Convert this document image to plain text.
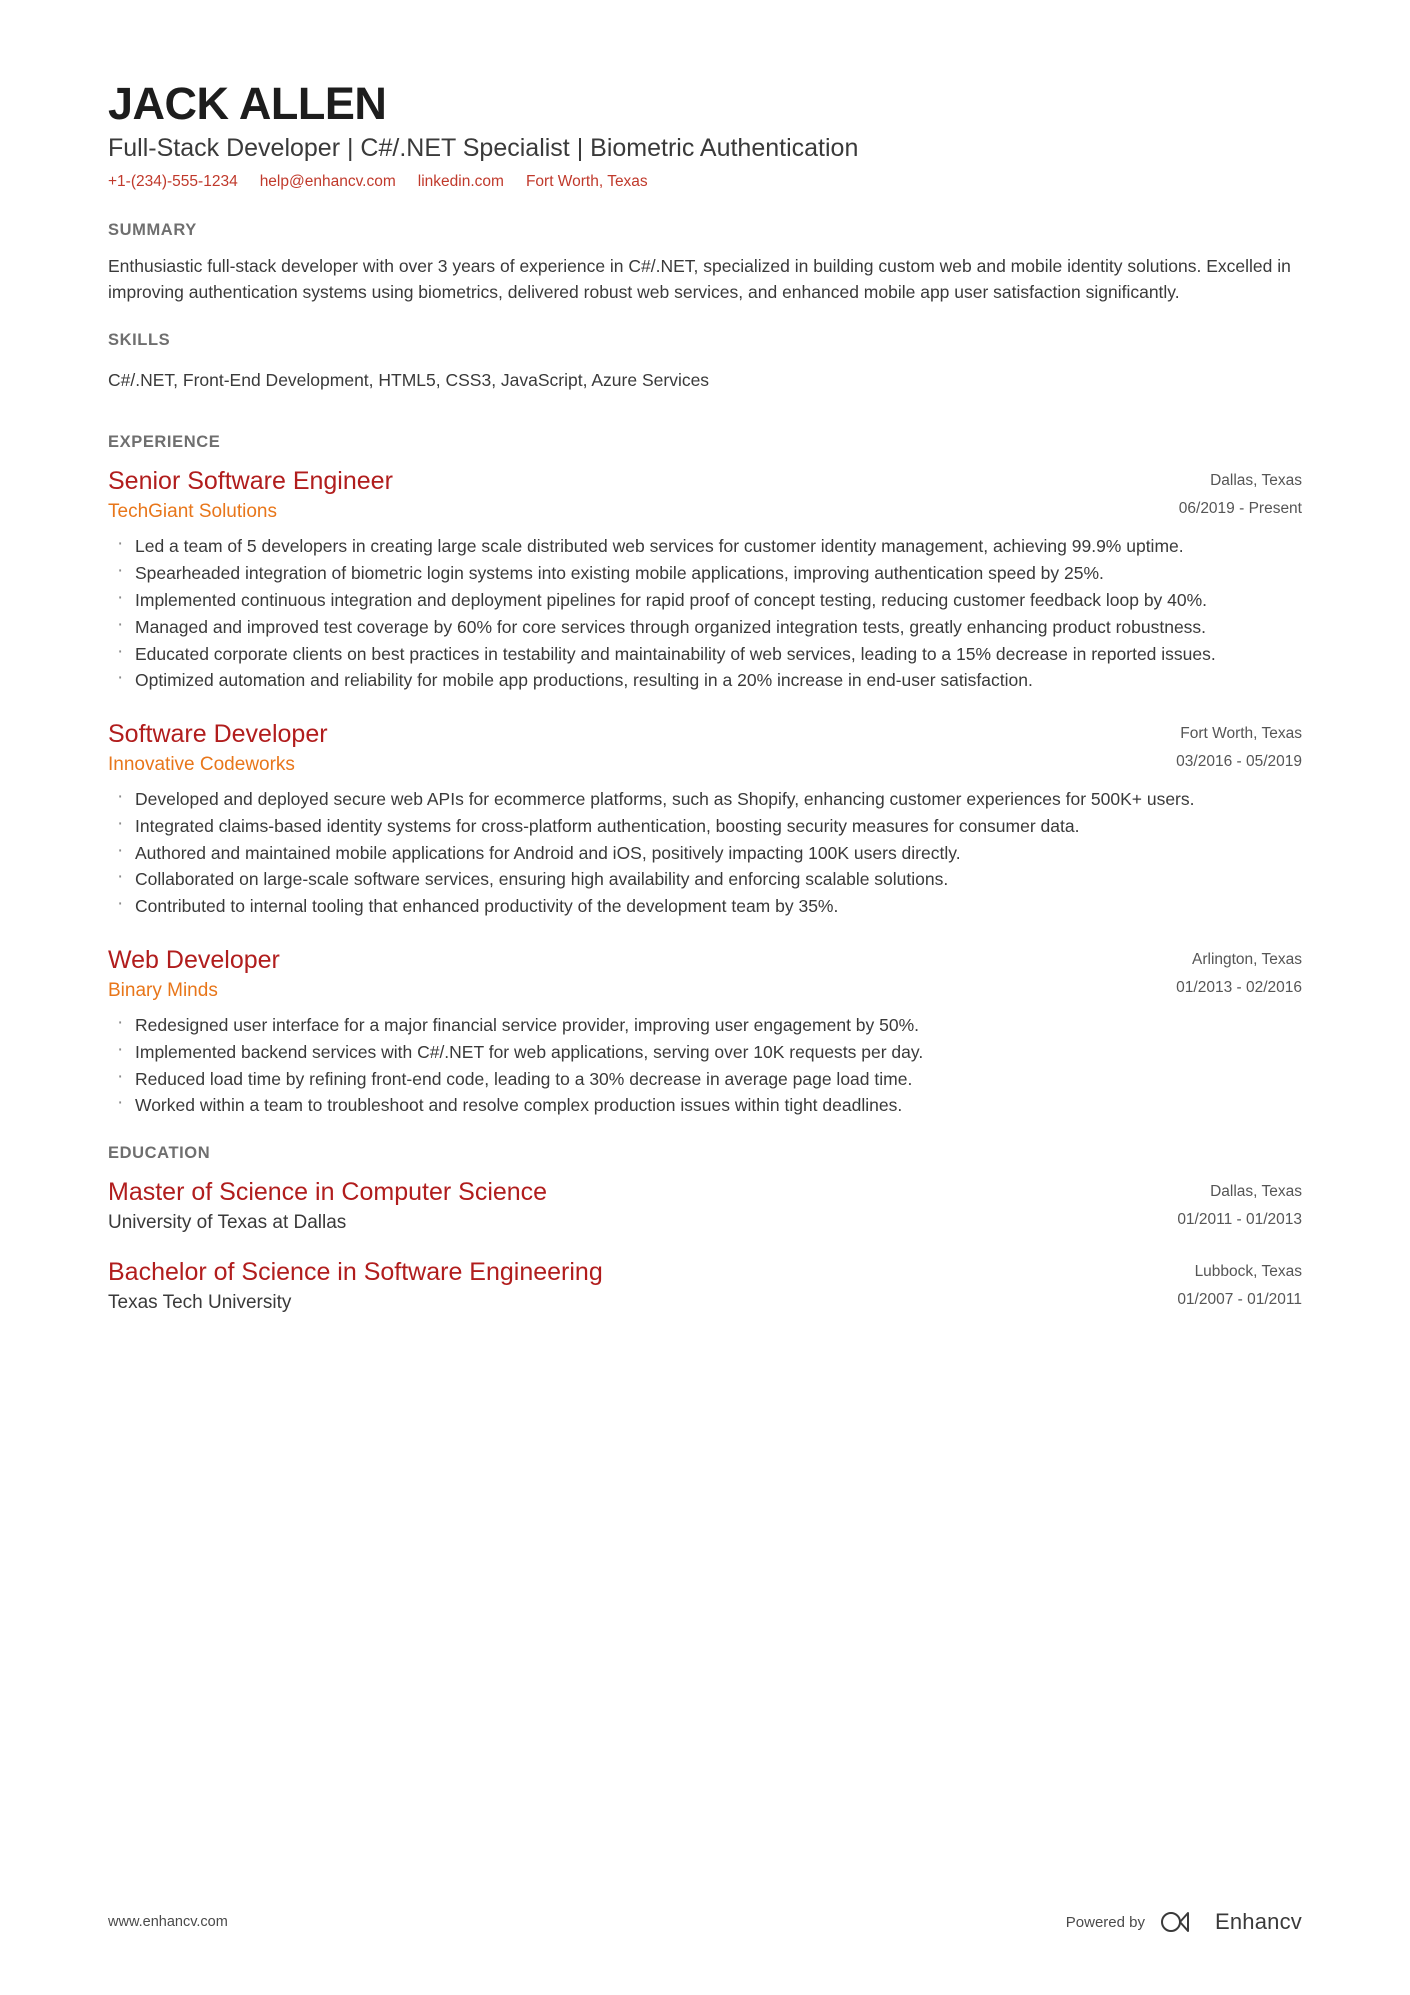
JACK ALLEN
Full-Stack Developer | C#/.NET Specialist | Biometric Authentication
+1-(234)-555-1234 help@enhancv.com linkedin.com Fort Worth, Texas
SUMMARY

Enthusiastic full-stack developer with over 3 years of experience in C#/.NET, specialized in building custom web and mobile identity solutions. Excelled in improving authentication systems using biometrics, delivered robust web services, and enhanced mobile app user satisfaction significantly.

SKILLS

C#/.NET, Front-End Development, HTML5, CSS3, JavaScript, Azure Services

EXPERIENCE
Senior Software Engineer
TechGiant Solutions
Dallas, Texas
06/2019 - Present
· Led a team of 5 developers in creating large scale distributed web services for customer identity management, achieving 99.9% uptime.
· Spearheaded integration of biometric login systems into existing mobile applications, improving authentication speed by 25%.
· Implemented continuous integration and deployment pipelines for rapid proof of concept testing, reducing customer feedback loop by 40%.
· Managed and improved test coverage by 60% for core services through organized integration tests, greatly enhancing product robustness.
· Educated corporate clients on best practices in testability and maintainability of web services, leading to a 15% decrease in reported issues.
· Optimized automation and reliability for mobile app productions, resulting in a 20% increase in end-user satisfaction.
Software Developer
Innovative Codeworks
Fort Worth, Texas
03/2016 - 05/2019
· Developed and deployed secure web APIs for ecommerce platforms, such as Shopify, enhancing customer experiences for 500K+ users.
· Integrated claims-based identity systems for cross-platform authentication, boosting security measures for consumer data.
· Authored and maintained mobile applications for Android and iOS, positively impacting 100K users directly.
· Collaborated on large-scale software services, ensuring high availability and enforcing scalable solutions.
· Contributed to internal tooling that enhanced productivity of the development team by 35%.
Web Developer
Binary Minds
Arlington, Texas
01/2013 - 02/2016
· Redesigned user interface for a major financial service provider, improving user engagement by 50%.
· Implemented backend services with C#/.NET for web applications, serving over 10K requests per day.
· Reduced load time by refining front-end code, leading to a 30% decrease in average page load time.
· Worked within a team to troubleshoot and resolve complex production issues within tight deadlines.
EDUCATION
Master of Science in Computer Science
University of Texas at Dallas
Dallas, Texas
01/2011 - 01/2013
Bachelor of Science in Software Engineering
Texas Tech University
Lubbock, Texas
01/2007 - 01/2011
www.enhancv.com	Powered by	Enhancv
